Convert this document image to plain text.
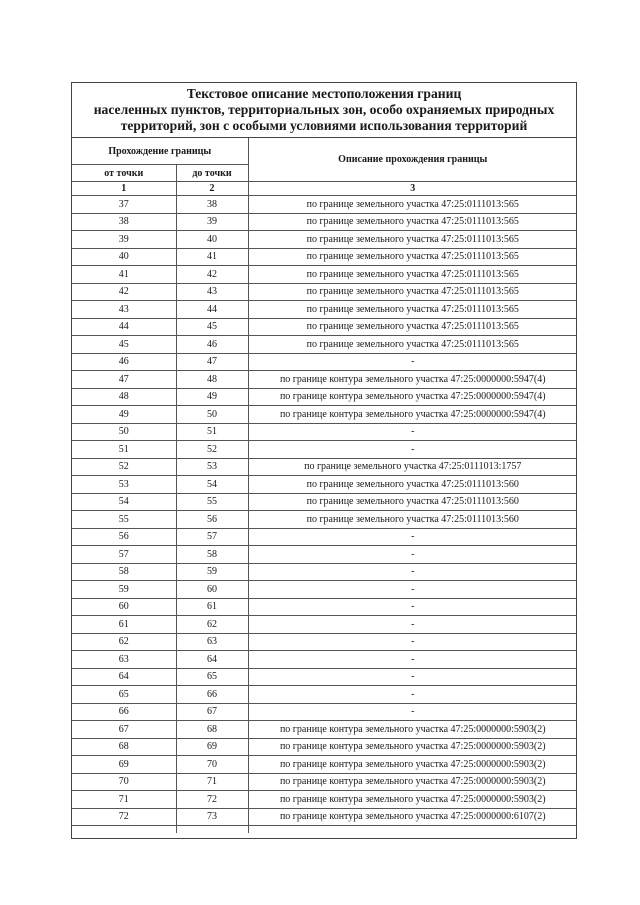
Текстовое описание местоположения границ
населенных пунктов, территориальных зон, особо охраняемых природных
территорий, зон с особыми условиями использования территорий
Прохождение границы		Описание прохождения границы
от точки	до точки	
1	2	3
37	38	по границе земельного участка 47:25:0111013:565
38	39	по границе земельного участка 47:25:0111013:565
39	40	по границе земельного участка 47:25:0111013:565
40	41	по границе земельного участка 47:25:0111013:565
41	42	по границе земельного участка 47:25:0111013:565
42	43	по границе земельного участка 47:25:0111013:565
43	44	по границе земельного участка 47:25:0111013:565
44	45	по границе земельного участка 47:25:0111013:565
45	46	по границе земельного участка 47:25:0111013:565
46	47	-
47	48	по границе контура земельного участка 47:25:0000000:5947(4)
48	49	по границе контура земельного участка 47:25:0000000:5947(4)
49	50	по границе контура земельного участка 47:25:0000000:5947(4)
50	51	-
51	52	-
52	53	по границе земельного участка 47:25:0111013:1757
53	54	по границе земельного участка 47:25:0111013:560
54	55	по границе земельного участка 47:25:0111013:560
55	56	по границе земельного участка 47:25:0111013:560
56	57	-
57	58	-
58	59	-
59	60	-
60	61	-
61	62	-
62	63	-
63	64	-
64	65	-
65	66	-
66	67	-
67	68	по границе контура земельного участка 47:25:0000000:5903(2)
68	69	по границе контура земельного участка 47:25:0000000:5903(2)
69	70	по границе контура земельного участка 47:25:0000000:5903(2)
70	71	по границе контура земельного участка 47:25:0000000:5903(2)
71	72	по границе контура земельного участка 47:25:0000000:5903(2)
72	73	по границе контура земельного участка 47:25:0000000:6107(2)
